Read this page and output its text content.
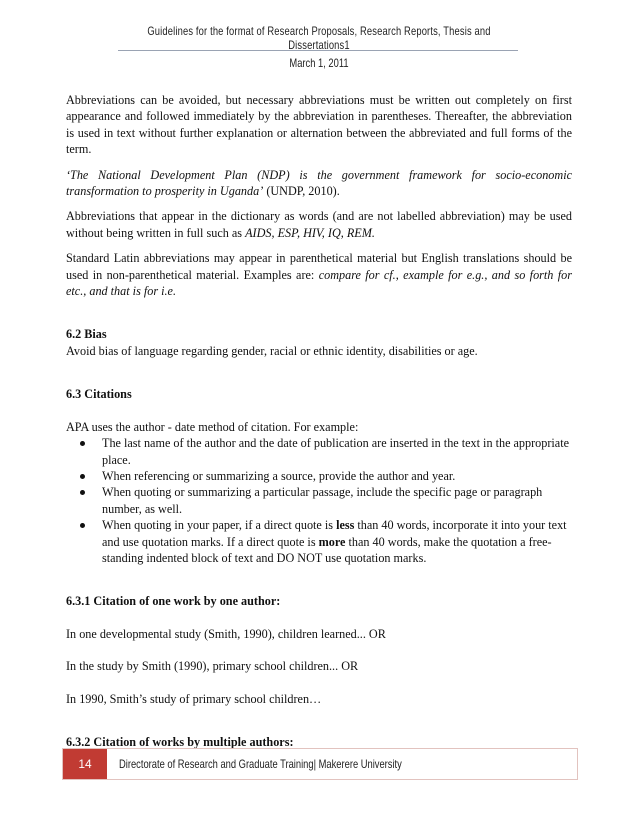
Guidelines for the format of Research Proposals, Research Reports, Thesis and Dissertations1
March 1, 2011

Abbreviations can be avoided, but necessary abbreviations must be written out completely on first appearance and followed immediately by the abbreviation in parentheses. Thereafter, the abbreviation is used in text without further explanation or alternation between the abbreviated and full forms of the term.

‘The National Development Plan (NDP) is the government framework for socio-economic transformation to prosperity in Uganda’ (UNDP, 2010).

Abbreviations that appear in the dictionary as words (and are not labelled abbreviation) may be used without being written in full such as AIDS, ESP, HIV, IQ, REM.

Standard Latin abbreviations may appear in parenthetical material but English translations should be used in non-parenthetical material. Examples are: compare for cf., example for e.g., and so forth for etc., and that is for i.e.

6.2 Bias

Avoid bias of language regarding gender, racial or ethnic identity, disabilities or age.

6.3 Citations

APA uses the author - date method of citation. For example:

The last name of the author and the date of publication are inserted in the text in the appropriate place.
When referencing or summarizing a source, provide the author and year.
When quoting or summarizing a particular passage, include the specific page or paragraph number, as well.
When quoting in your paper, if a direct quote is less than 40 words, incorporate it into your text and use quotation marks. If a direct quote is more than 40 words, make the quotation a free-standing indented block of text and DO NOT use quotation marks.

6.3.1 Citation of one work by one author:

In one developmental study (Smith, 1990), children learned... OR

In the study by Smith (1990), primary school children... OR

In 1990, Smith’s study of primary school children…

6.3.2 Citation of works by multiple authors:

14	Directorate of Research and Graduate Training| Makerere University
